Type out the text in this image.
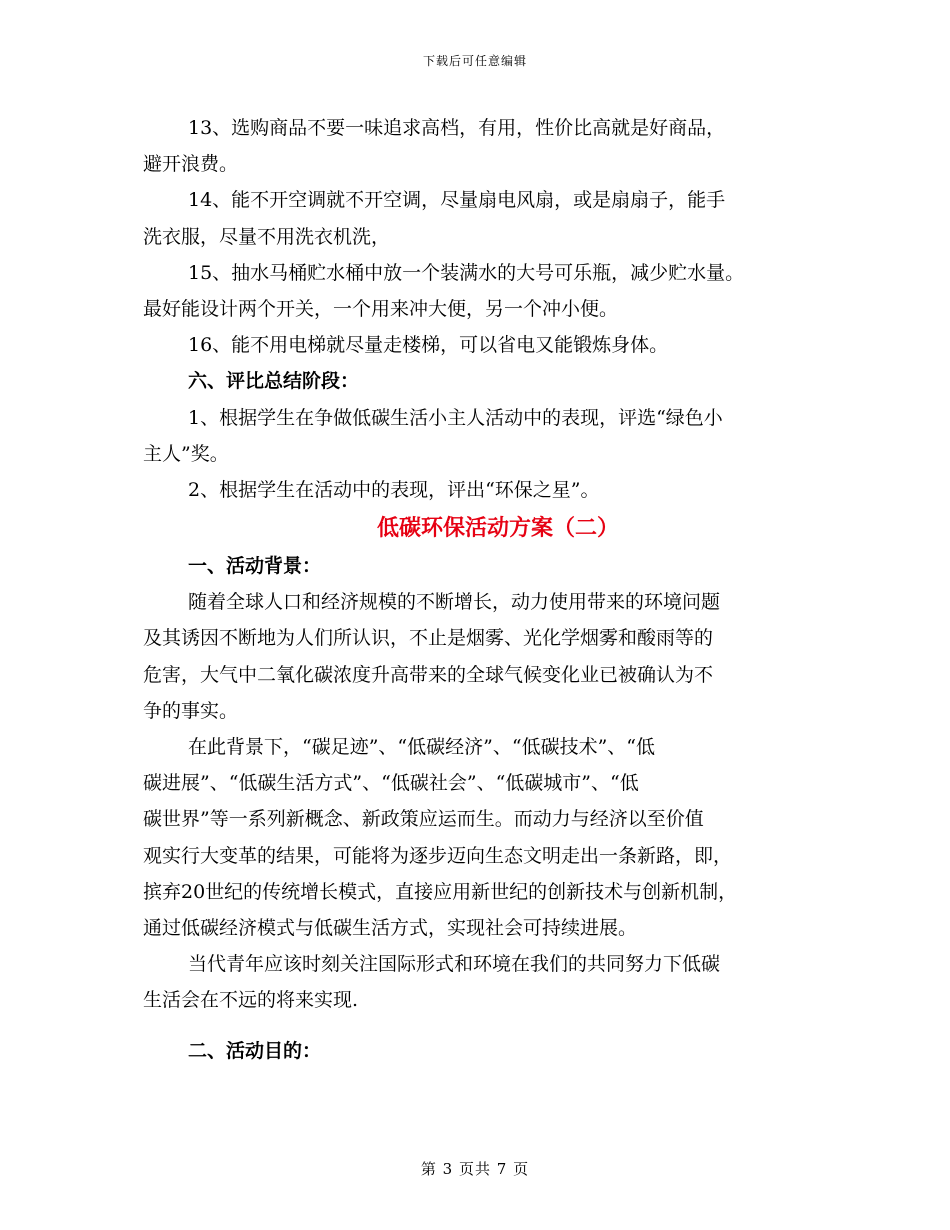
下载后可任意编辑
13、选购商品不要一味追求高档，有用，性价比高就是好商品，
避开浪费。
14、能不开空调就不开空调，尽量扇电风扇，或是扇扇子，能手
洗衣服，尽量不用洗衣机洗，
15、抽水马桶贮水桶中放一个装满水的大号可乐瓶，减少贮水量。
最好能设计两个开关，一个用来冲大便，另一个冲小便。
16、能不用电梯就尽量走楼梯，可以省电又能锻炼身体。
六、评比总结阶段：
1、根据学生在争做低碳生活小主人活动中的表现，评选“绿色小
主人”奖。
2、根据学生在活动中的表现，评出“环保之星”。
低碳环保活动方案（二）
一、活动背景：
随着全球人口和经济规模的不断增长，动力使用带来的环境问题
及其诱因不断地为人们所认识，不止是烟雾、光化学烟雾和酸雨等的
危害，大气中二氧化碳浓度升高带来的全球气候变化业已被确认为不
争的事实。
在此背景下，“碳足迹”、“低碳经济”、“低碳技术”、“低
碳进展”、“低碳生活方式”、“低碳社会”、“低碳城市”、“低
碳世界”等一系列新概念、新政策应运而生。而动力与经济以至价值
观实行大变革的结果，可能将为逐步迈向生态文明走出一条新路，即，
摈弃20世纪的传统增长模式，直接应用新世纪的创新技术与创新机制，
通过低碳经济模式与低碳生活方式，实现社会可持续进展。
当代青年应该时刻关注国际形式和环境在我们的共同努力下低碳
生活会在不远的将来实现.
二、活动目的：
第 3 页共 7 页
